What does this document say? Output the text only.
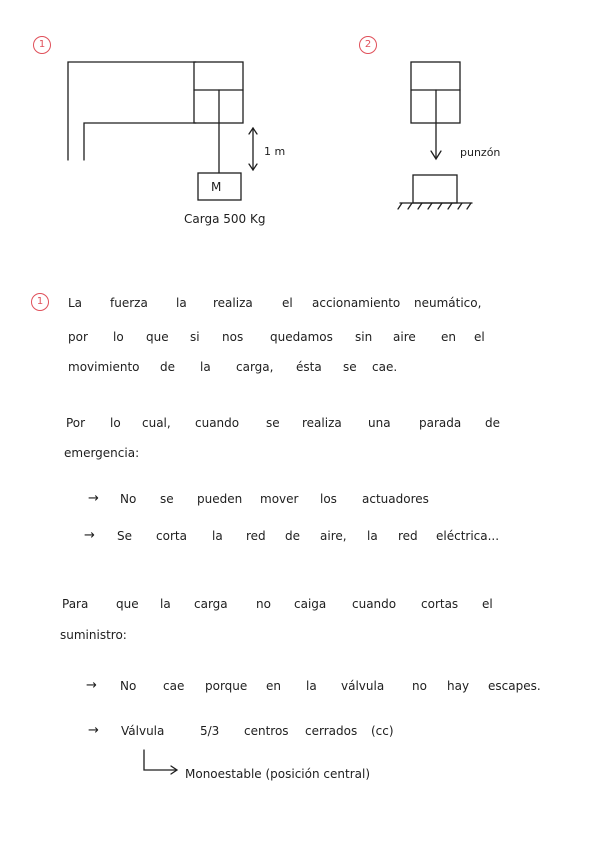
1	2
M
1 m
Carga 500 Kg
punzón
1	La fuerza la realiza el accionamiento neumático,
por lo que si nos quedamos sin aire en el
movimiento de la carga, ésta se cae.
Por lo cual, cuando se realiza una parada de
emergencia:
→ No se pueden mover los actuadores
→ Se corta la red de aire, la red eléctrica...
Para que la carga no caiga cuando cortas el
suministro:
→ No cae porque en la válvula no hay escapes.
→ Válvula	5/3 centros cerrados (cc)
Monoestable (posición central)
